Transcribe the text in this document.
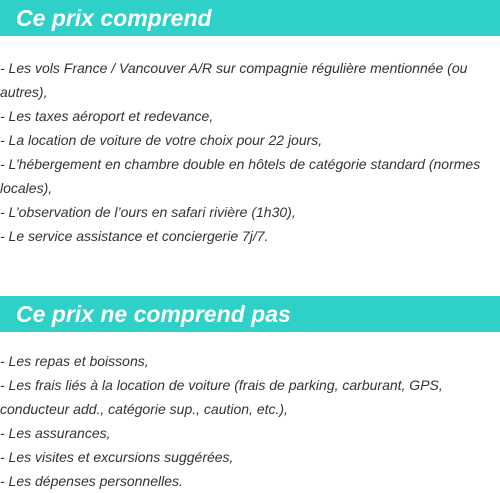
Ce prix comprend
- Les vols France / Vancouver A/R sur compagnie régulière mentionnée (ou autres),
- Les taxes aéroport et redevance,
- La location de voiture de votre choix pour 22 jours,
- L’hébergement en chambre double en hôtels de catégorie standard (normes locales),
- L’observation de l’ours en safari rivière (1h30),
- Le service assistance et conciergerie 7j/7.
Ce prix ne comprend pas
- Les repas et boissons,
- Les frais liés à la location de voiture (frais de parking, carburant, GPS, conducteur add., catégorie sup., caution, etc.),
- Les assurances,
- Les visites et excursions suggérées,
- Les dépenses personnelles.
